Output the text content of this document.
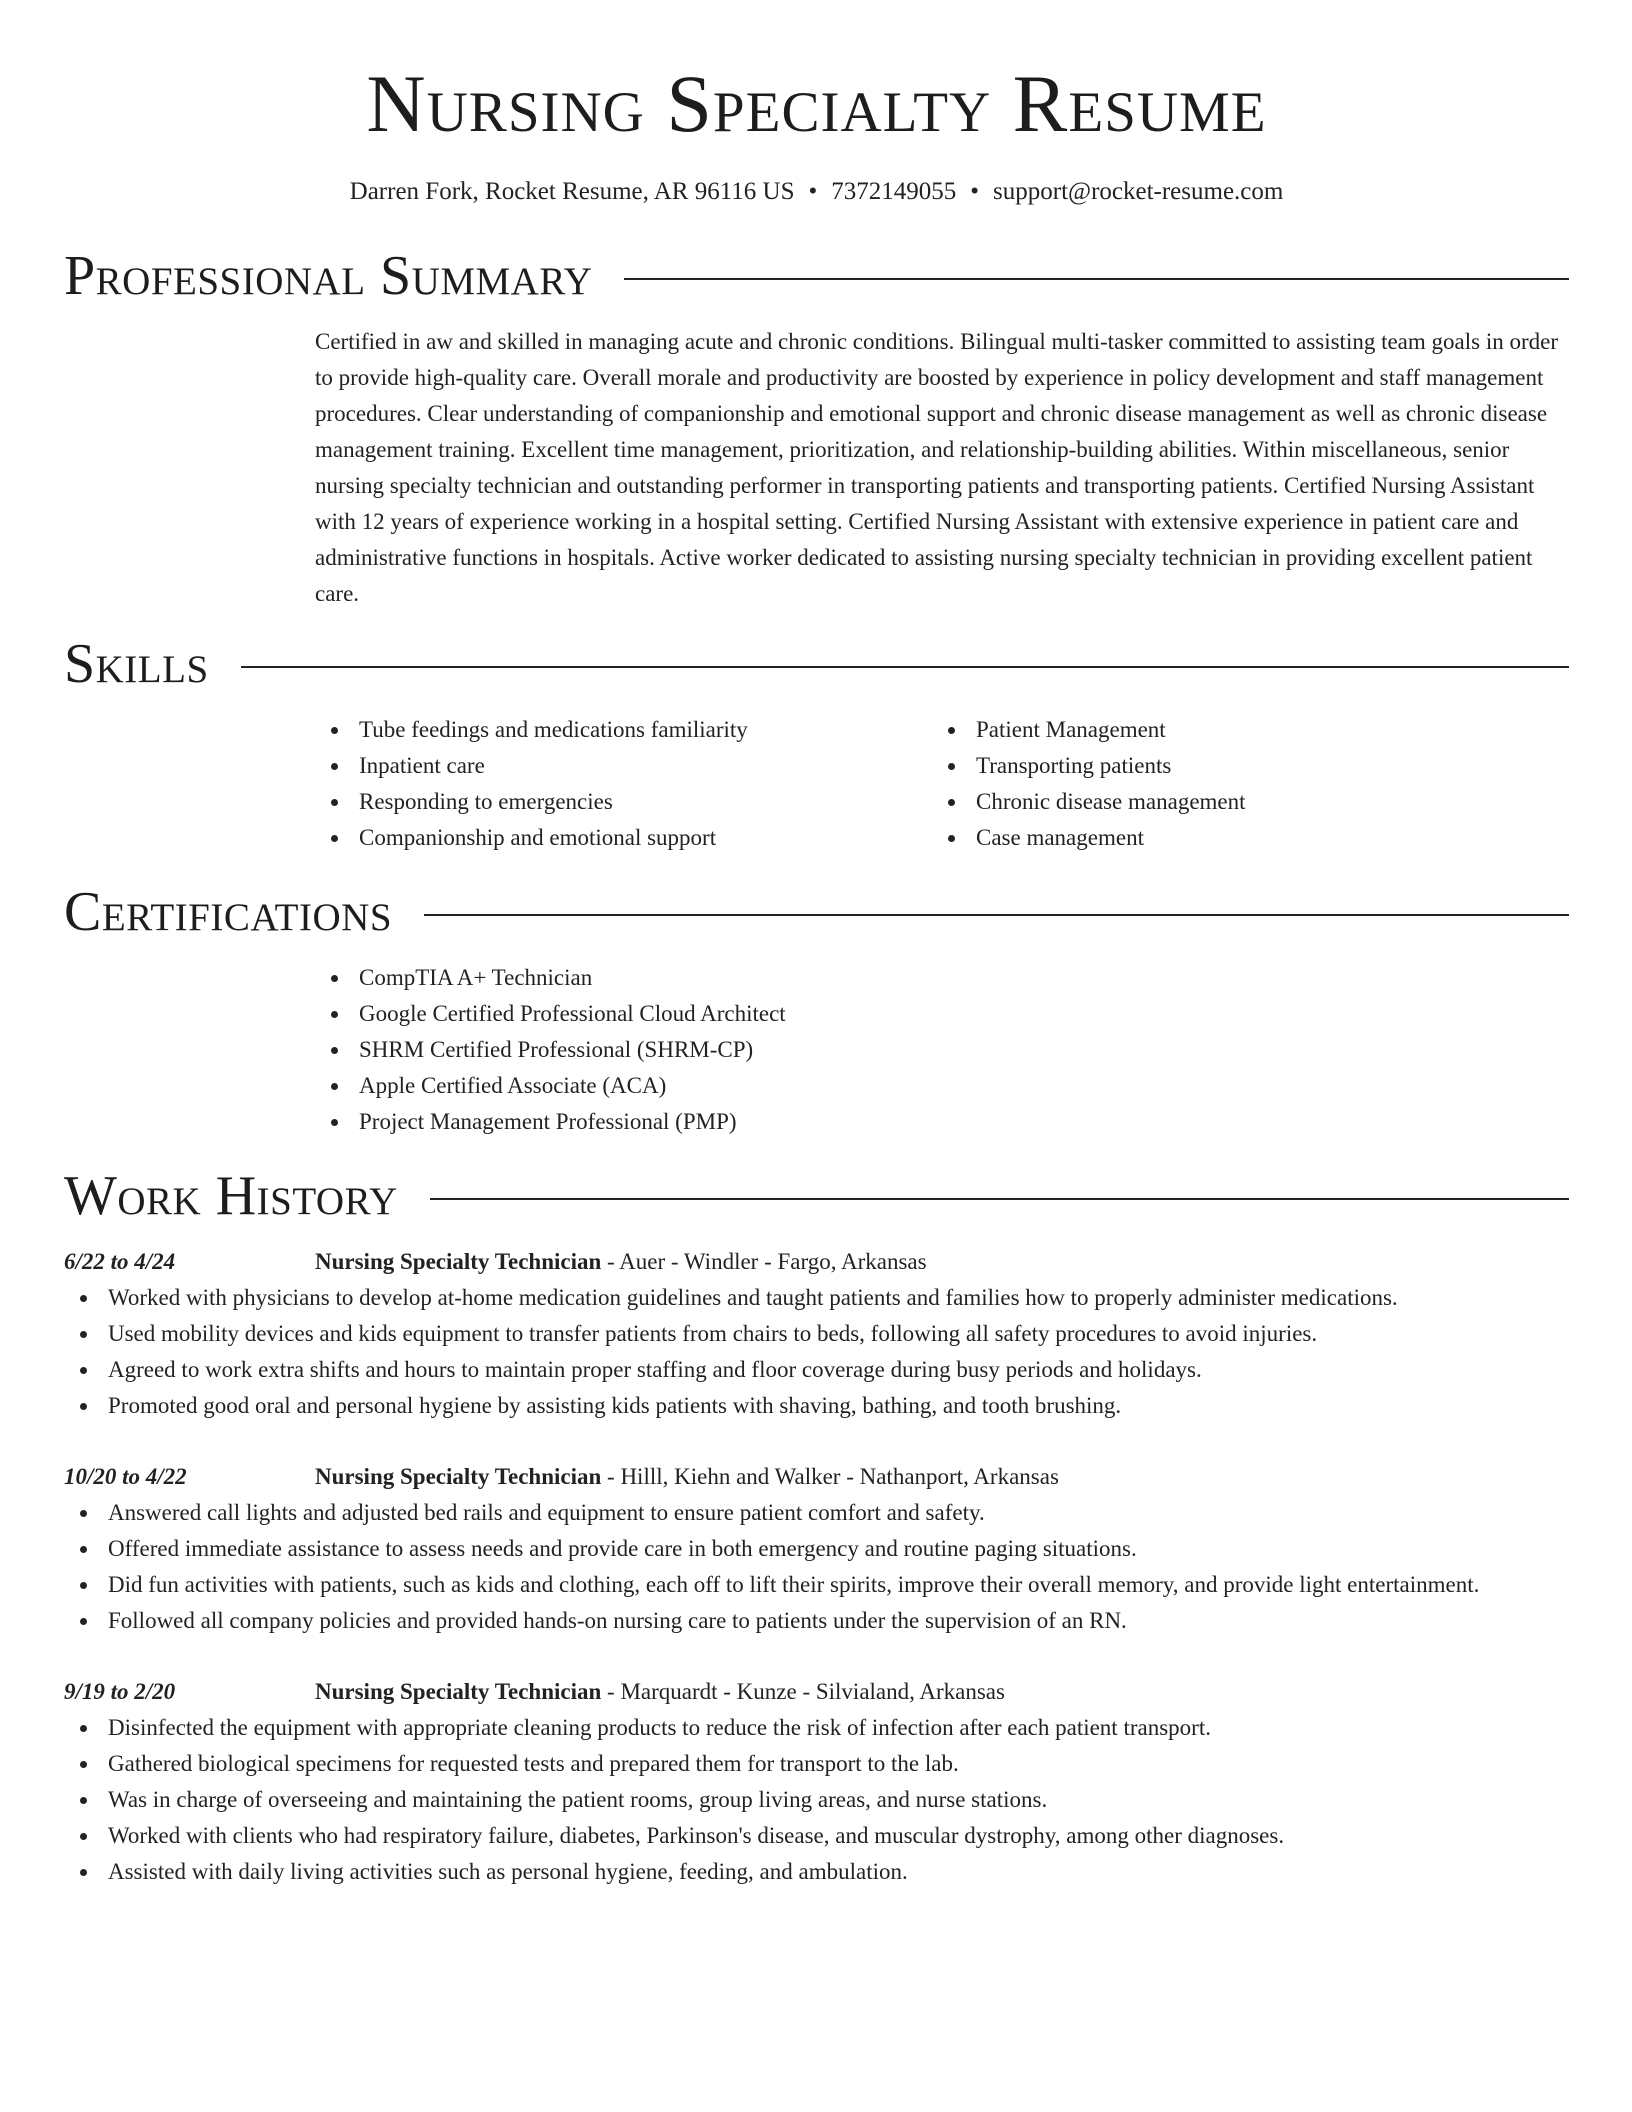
Nursing Specialty Resume
Darren Fork, Rocket Resume, AR 96116 US • 7372149055 • support@rocket-resume.com
Professional Summary

Certified in aw and skilled in managing acute and chronic conditions. Bilingual multi-tasker committed to assisting team goals in order to provide high-quality care. Overall morale and productivity are boosted by experience in policy development and staff management procedures. Clear understanding of companionship and emotional support and chronic disease management as well as chronic disease management training. Excellent time management, prioritization, and relationship-building abilities. Within miscellaneous, senior nursing specialty technician and outstanding performer in transporting patients and transporting patients. Certified Nursing Assistant with 12 years of experience working in a hospital setting. Certified Nursing Assistant with extensive experience in patient care and administrative functions in hospitals. Active worker dedicated to assisting nursing specialty technician in providing excellent patient care.

Skills
Tube feedings and medications familiarity
Inpatient care
Responding to emergencies
Companionship and emotional support
Patient Management
Transporting patients
Chronic disease management
Case management
Certifications
CompTIA A+ Technician
Google Certified Professional Cloud Architect
SHRM Certified Professional (SHRM-CP)
Apple Certified Associate (ACA)
Project Management Professional (PMP)
Work History
6/22 to 4/24	Nursing Specialty Technician - Auer - Windler - Fargo, Arkansas
Worked with physicians to develop at-home medication guidelines and taught patients and families how to properly administer medications.
Used mobility devices and kids equipment to transfer patients from chairs to beds, following all safety procedures to avoid injuries.
Agreed to work extra shifts and hours to maintain proper staffing and floor coverage during busy periods and holidays.
Promoted good oral and personal hygiene by assisting kids patients with shaving, bathing, and tooth brushing.
10/20 to 4/22	Nursing Specialty Technician - Hilll, Kiehn and Walker - Nathanport, Arkansas
Answered call lights and adjusted bed rails and equipment to ensure patient comfort and safety.
Offered immediate assistance to assess needs and provide care in both emergency and routine paging situations.
Did fun activities with patients, such as kids and clothing, each off to lift their spirits, improve their overall memory, and provide light entertainment.
Followed all company policies and provided hands-on nursing care to patients under the supervision of an RN.
9/19 to 2/20	Nursing Specialty Technician - Marquardt - Kunze - Silvialand, Arkansas
Disinfected the equipment with appropriate cleaning products to reduce the risk of infection after each patient transport.
Gathered biological specimens for requested tests and prepared them for transport to the lab.
Was in charge of overseeing and maintaining the patient rooms, group living areas, and nurse stations.
Worked with clients who had respiratory failure, diabetes, Parkinson's disease, and muscular dystrophy, among other diagnoses.
Assisted with daily living activities such as personal hygiene, feeding, and ambulation.
